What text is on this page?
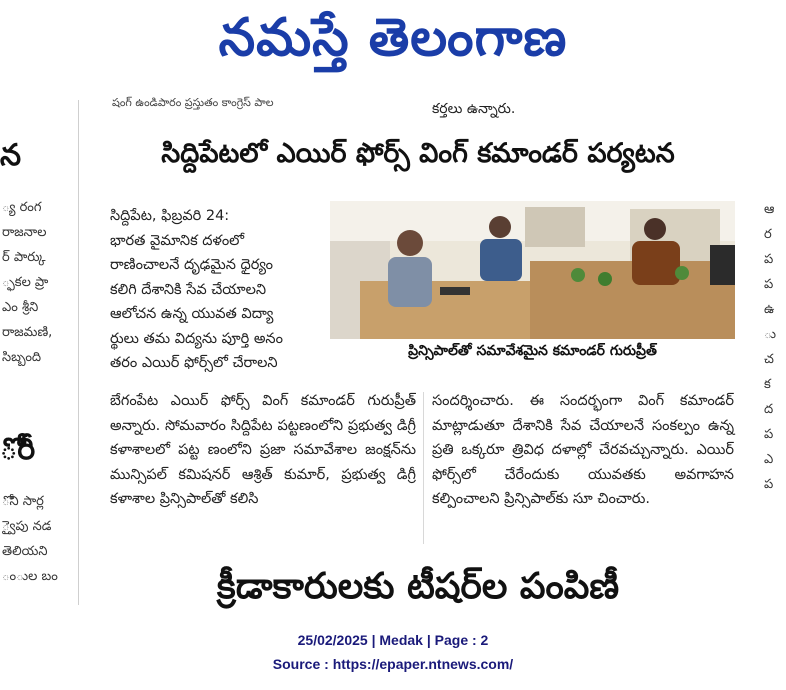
నమస్తే తెలంగాణ
న
్య రంగ
రాజనాల
ర్ పార్కు
్ఫకల ప్రా
ఎం శ్రీని
రాజమణి,
సిబ్బంది
ోరీ
ోని సార్ల
్వైపు నడ
తెలియని
ంుల బం
ఆ
ర
ప
ప
ఉ
ు
చ
క
ద
ప
ఎ
ప
షంగ్ ఉండిపారం ప్రస్తుతం కాంగ్రెస్ పాల	కర్తలు ఉన్నారు.
సిద్దిపేటలో ఎయిర్ ఫోర్స్ వింగ్ కమాండర్ పర్యటన

సిద్దిపేట, ఫిబ్రవరి 24:

భారత వైమానిక దళంలో

రాణించాలనే దృఢమైన ధైర్యం

కలిగి దేశానికి సేవ చేయాలని

ఆలోచన ఉన్న యువత విద్యా

ర్థులు తమ విద్యను పూర్తి అనం

తరం ఎయిర్ ఫోర్స్‌లో చేరాలని

ప్రిన్సిపాల్‌తో సమావేశమైన కమాండర్ గురుప్రీత్
బేగంపేట ఎయిర్ ఫోర్స్ వింగ్ కమాండర్ గురుప్రీత్ అన్నారు. సోమవారం సిద్దిపేట పట్టణంలోని ప్రభుత్వ డిగ్రీ కళాశాలలో పట్ట ణంలోని ప్రజా సమావేశాల జంక్షన్‌ను మున్సిపల్ కమిషనర్ ఆశ్రిత్ కుమార్, ప్రభుత్వ డిగ్రీ కళాశాల ప్రిన్సిపాల్‌తో కలిసి
సందర్శించారు. ఈ సందర్భంగా వింగ్ కమాండర్ మాట్లాడుతూ దేశానికి సేవ చేయాలనే సంకల్పం ఉన్న ప్రతి ఒక్కరూ త్రివిధ దళాల్లో చేరవచ్చున్నారు. ఎయిర్ ఫోర్స్‌లో చేరేందుకు యువతకు అవగాహన కల్పించాలని ప్రిన్సిపాల్‌కు సూ చించారు.
క్రీడాకారులకు టీషర్‌ల పంపిణీ
25/02/2025 | Medak | Page : 2
Source : https://epaper.ntnews.com/
